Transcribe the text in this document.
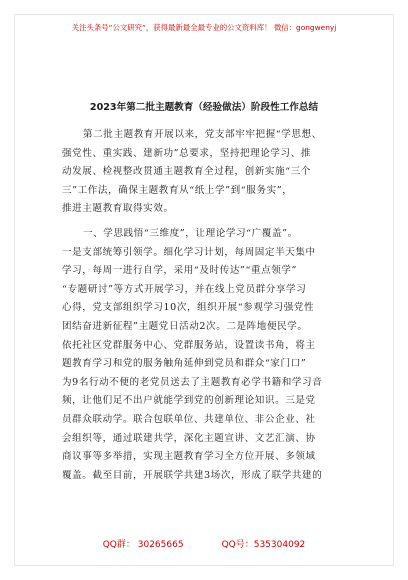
关注头条号“公文研究”，获得最新最全最专业的公文资料库！ 微信：gongwenyj
2023年第二批主题教育（经验做法）阶段性工作总结
第二批主题教育开展以来，党支部牢牢把握“学思想、
强党性、重实践、建新功”总要求，坚持把理论学习、推
动发展、检视整改贯通主题教育全过程，创新实施“三个
三”工作法，确保主题教育从“纸上学”到“服务实”，
推进主题教育取得实效。
一、学思践悟“三维度”，让理论学习“广覆盖”。
一是支部统筹引领学。细化学习计划，每周固定半天集中
学习，每周一进行自学，采用“及时传达”“重点领学”
“专题研讨”等方式开展学习，并在线上党员群分享学习
心得，党支部组织学习10次，组织开展“参观学习强党性
团结奋进新征程”主题党日活动2次。二是阵地便民学。
依托社区党群服务中心、党群服务站，设置读书角，将主
题教育学习和党的服务触角延伸到党员和群众“家门口”
为9名行动不便的老党员送去了主题教育必学书籍和学习音
频，让他们足不出户就能学到党的创新理论知识。三是党
员群众联动学。联合包联单位、共建单位、非公企业、社
会组织等，通过联建共学，深化主题宣讲、文艺汇演、协
商议事等多举措，实现主题教育学习全方位开展、多领域
覆盖。截至目前，开展联学共建3场次，形成了联学共建的
QQ群： 30265665	QQ号：535304092
